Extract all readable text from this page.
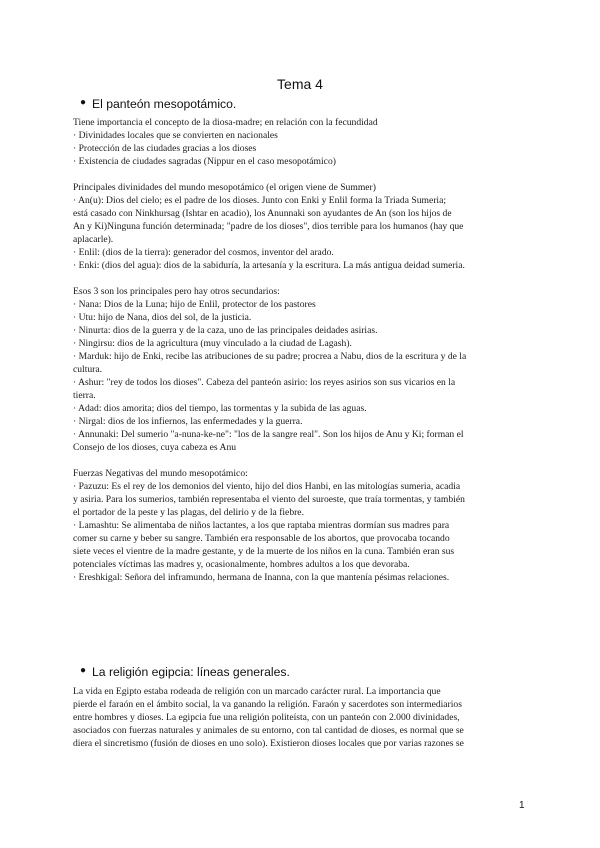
Tema 4
● El panteón mesopotámico.
Tiene importancia el concepto de la diosa-madre; en relación con la fecundidad
· Divinidades locales que se convierten en nacionales
· Protección de las ciudades gracias a los dioses
· Existencia de ciudades sagradas (Nippur en el caso mesopotámico)
Principales divinidades del mundo mesopotámico (el origen viene de Summer)
· An(u): Dios del cielo; es el padre de los dioses. Junto con Enki y Enlil forma la Triada Sumeria;
está casado con Ninkhursag (Ishtar en acadio), los Anunnaki son ayudantes de An (son los hijos de
An y Ki)Ninguna función determinada; "padre de los dioses", dios terrible para los humanos (hay que
aplacarle).
· Enlil: (dios de la tierra): generador del cosmos, inventor del arado.
· Enki: (dios del agua): dios de la sabiduría, la artesanía y la escritura. La más antigua deidad sumeria.
Esos 3 son los principales pero hay otros secundarios:
· Nana: Dios de la Luna; hijo de Enlil, protector de los pastores
· Utu: hijo de Nana, dios del sol, de la justicia.
· Ninurta: dios de la guerra y de la caza, uno de las principales deidades asirias.
· Ningirsu: dios de la agricultura (muy vinculado a la ciudad de Lagash).
· Marduk: hijo de Enki, recibe las atribuciones de su padre; procrea a Nabu, dios de la escritura y de la
cultura.
· Ashur: "rey de todos los dioses". Cabeza del panteón asirio: los reyes asirios son sus vicarios en la
tierra.
· Adad: dios amorita; dios del tiempo, las tormentas y la subida de las aguas.
· Nirgal: dios de los infiernos, las enfermedades y la guerra.
· Annunaki: Del sumerio "a-nuna-ke-ne": "los de la sangre real". Son los hijos de Anu y Ki; forman el
Consejo de los dioses, cuya cabeza es Anu
Fuerzas Negativas del mundo mesopotámico:
· Pazuzu: Es el rey de los demonios del viento, hijo del dios Hanbi, en las mitologías sumeria, acadia
y asiria. Para los sumerios, también representaba el viento del suroeste, que traía tormentas, y también
el portador de la peste y las plagas, del delirio y de la fiebre.
· Lamashtu: Se alimentaba de niños lactantes, a los que raptaba mientras dormían sus madres para
comer su carne y beber su sangre. También era responsable de los abortos, que provocaba tocando
siete veces el vientre de la madre gestante, y de la muerte de los niños en la cuna. También eran sus
potenciales víctimas las madres y, ocasionalmente, hombres adultos a los que devoraba.
· Ereshkigal: Señora del inframundo, hermana de Inanna, con la que mantenía pésimas relaciones.
● La religión egipcia: líneas generales.
La vida en Egipto estaba rodeada de religión con un marcado carácter rural. La importancia que
pierde el faraón en el ámbito social, la va ganando la religión. Faraón y sacerdotes son intermediarios
entre hombres y dioses. La egipcia fue una religión politeísta, con un panteón con 2.000 divinidades,
asociados con fuerzas naturales y animales de su entorno, con tal cantidad de dioses, es normal que se
diera el sincretismo (fusión de dioses en uno solo). Existieron dioses locales que por varias razones se
1
